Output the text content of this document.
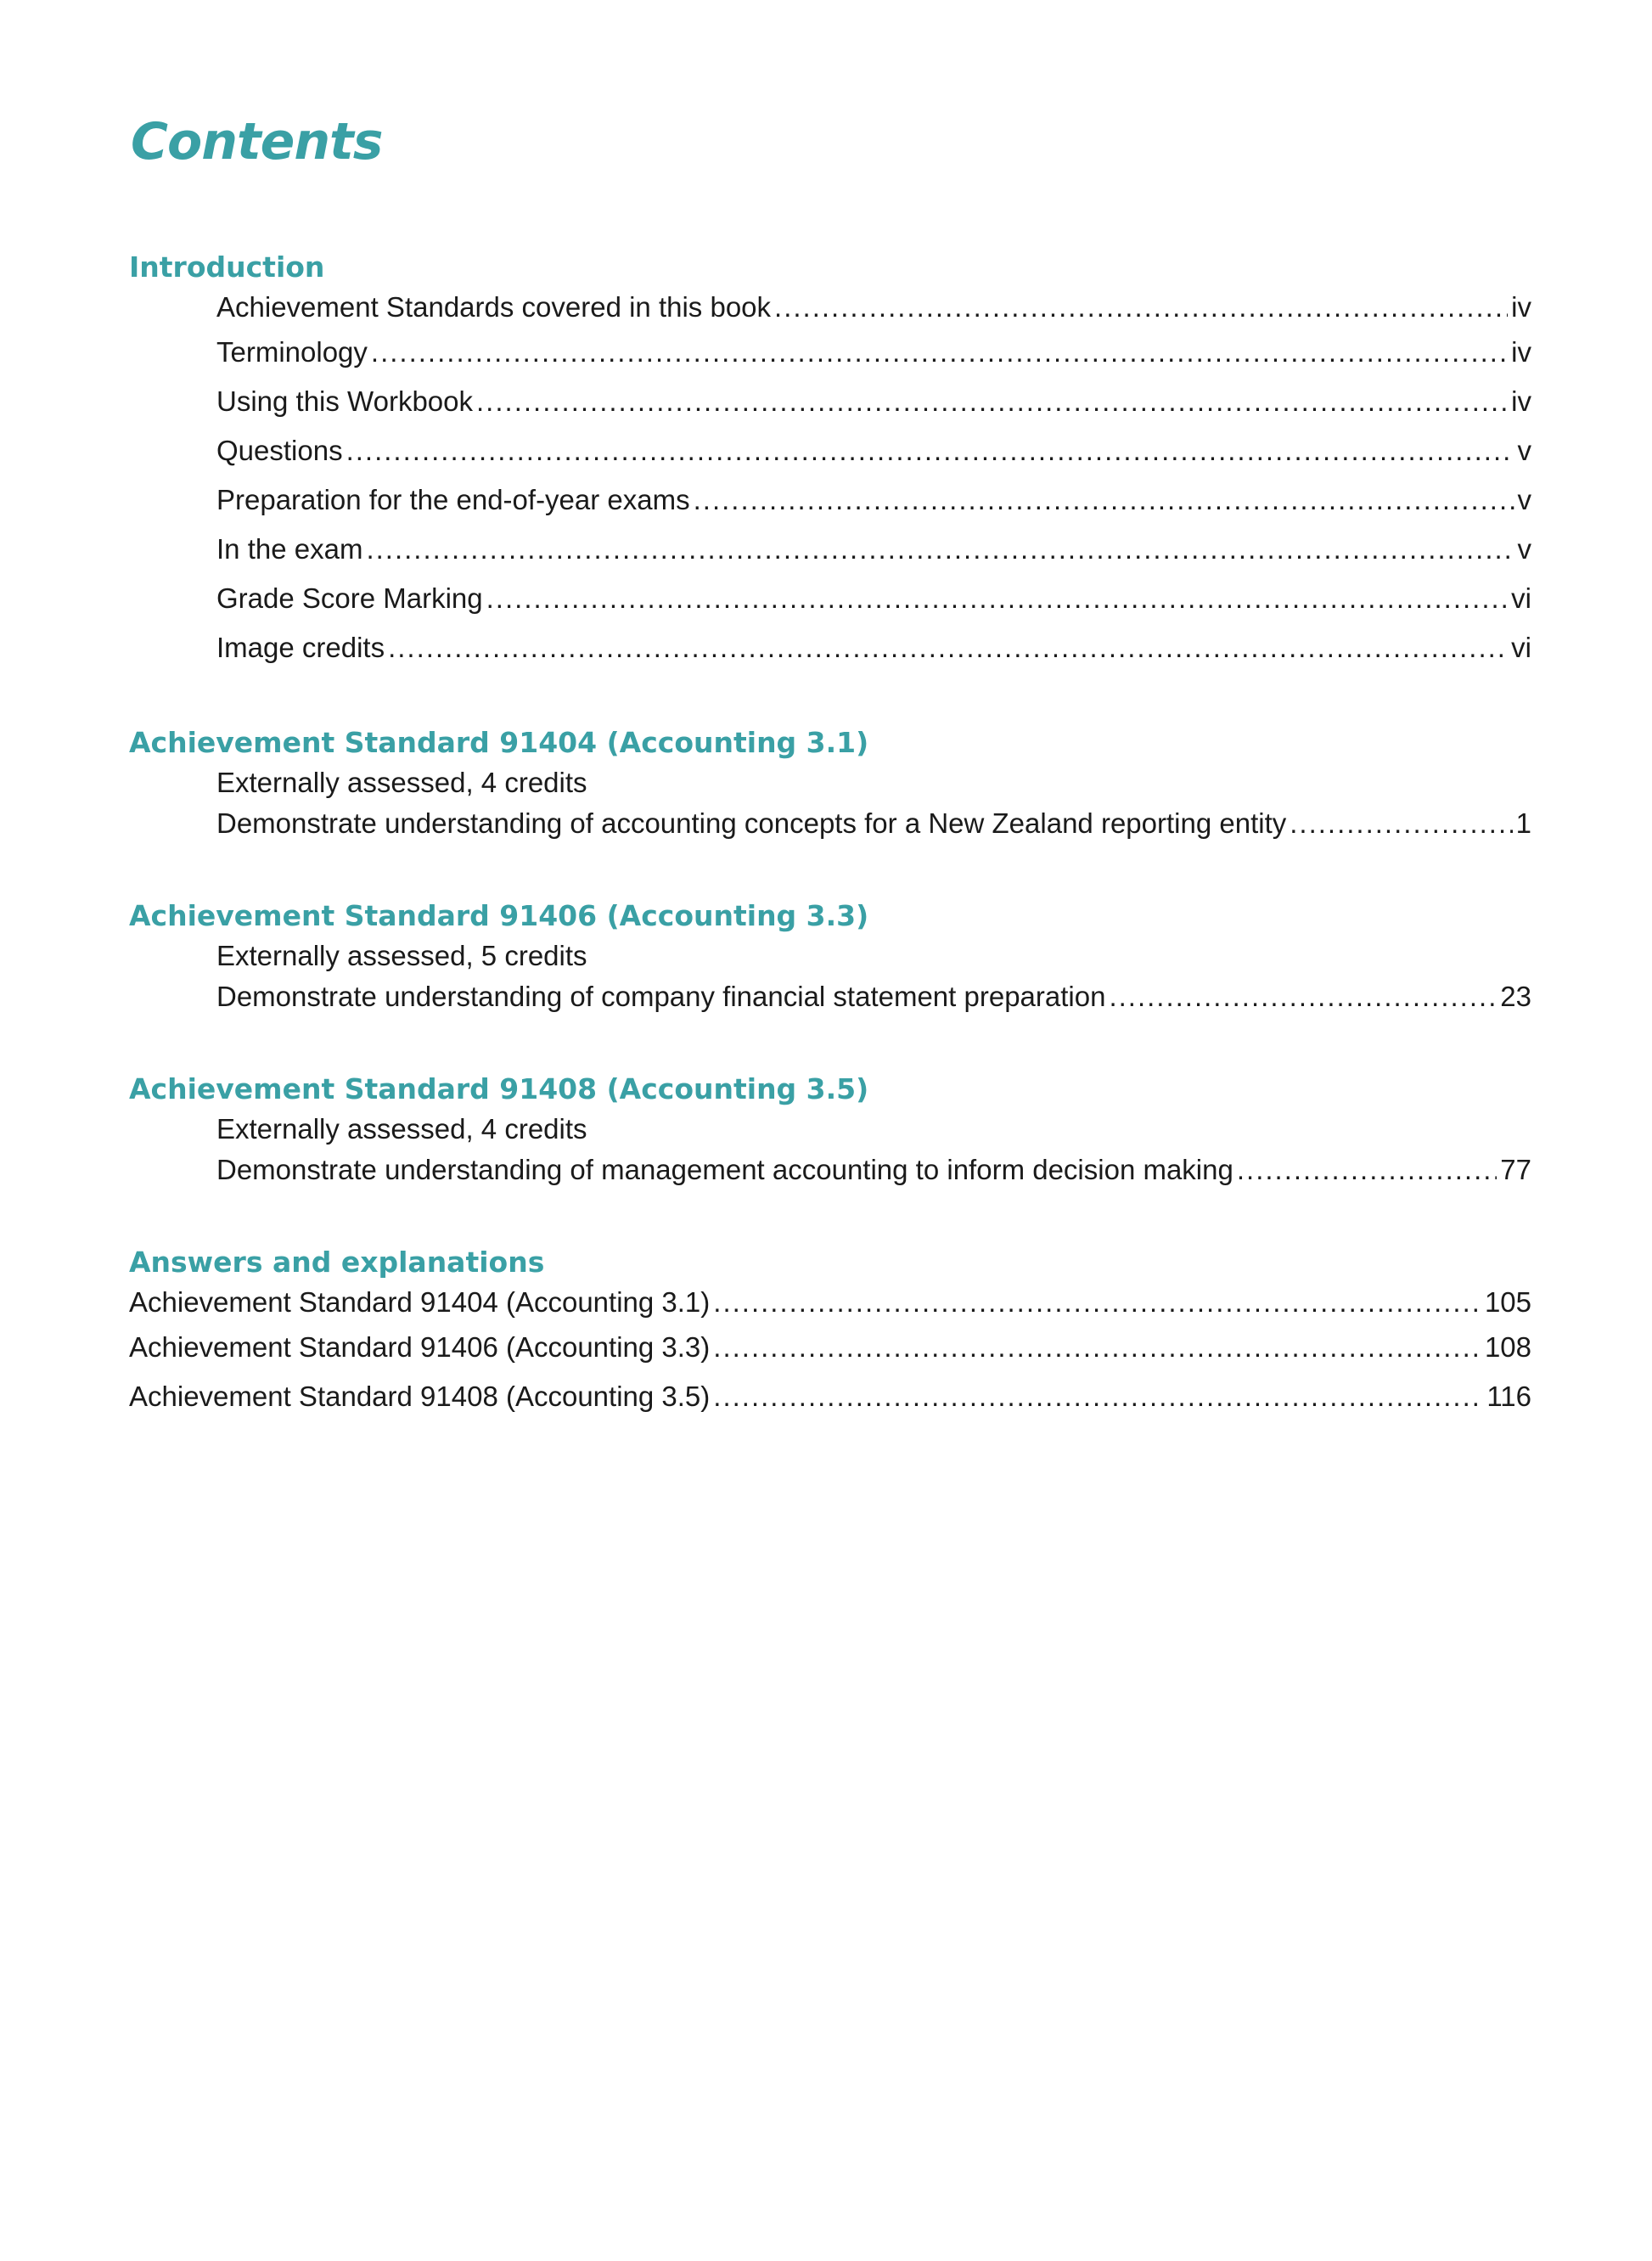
Contents
Introduction
Achievement Standards covered in this book .....	iv
Terminology .....	iv
Using this Workbook .....	iv
Questions .....	v
Preparation for the end-of-year exams .....	v
In the exam .....	v
Grade Score Marking .....	vi
Image credits .....	vi
Achievement Standard 91404 (Accounting 3.1)
Externally assessed, 4 credits
Demonstrate understanding of accounting concepts for a New Zealand reporting entity .....	1
Achievement Standard 91406 (Accounting 3.3)
Externally assessed, 5 credits
Demonstrate understanding of company financial statement preparation .....	23
Achievement Standard 91408 (Accounting 3.5)
Externally assessed, 4 credits
Demonstrate understanding of management accounting to inform decision making .....	77
Answers and explanations
Achievement Standard 91404 (Accounting 3.1) .....	105
Achievement Standard 91406 (Accounting 3.3) .....	108
Achievement Standard 91408 (Accounting 3.5) .....	116
